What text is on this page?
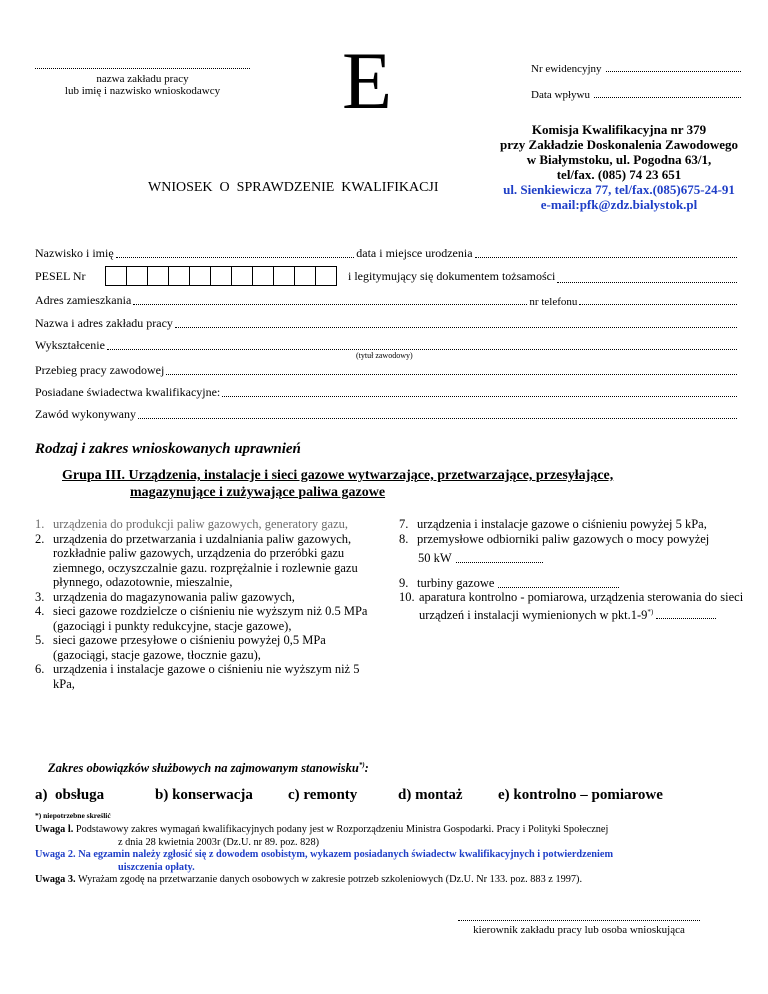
nazwa zakładu pracy
lub imię i nazwisko wnioskodawcy	E	Nr ewidencyjny
Data wpływu
Komisja Kwalifikacyjna nr 379
przy Zakładzie Doskonalenia Zawodowego
w Białymstoku, ul. Pogodna 63/1,
tel/fax. (085) 74 23 651
ul. Sienkiewicza 77, tel/fax.(085)675-24-91
e-mail:pfk@zdz.bialystok.pl
WNIOSEK  O  SPRAWDZENIE  KWALIFIKACJI
Nazwisko i imię	data i miejsce urodzenia
PESEL Nr	i legitymujący się dokumentem tożsamości
Adres zamieszkania	nr telefonu
Nazwa i adres zakładu pracy
Wykształcenie
(tytuł zawodowy)
Przebieg pracy zawodowej
Posiadane świadectwa kwalifikacyjne:
Zawód wykonywany
Rodzaj i zakres wnioskowanych uprawnień
Grupa III. Urządzenia, instalacje i sieci gazowe wytwarzające, przetwarzające, przesyłające,
magazynujące i zużywające paliwa gazowe
1. urządzenia do produkcji paliw gazowych, generatory gazu,
2. urządzenia do przetwarzania i uzdalniania paliw gazowych, rozkładnie paliw gazowych, urządzenia do przeróbki gazu ziemnego, oczyszczalnie gazu. rozprężalnie i rozlewnie gazu płynnego, odazotownie, mieszalnie,
3. urządzenia do magazynowania paliw gazowych,
4. sieci gazowe rozdzielcze o ciśnieniu nie wyższym niż 0.5 MPa (gazociągi i punkty redukcyjne, stacje gazowe),
5. sieci gazowe przesyłowe o ciśnieniu powyżej 0,5 MPa (gazociągi, stacje gazowe, tłocznie gazu),
6. urządzenia i instalacje gazowe o ciśnieniu nie wyższym niż 5 kPa,
7. urządzenia i instalacje gazowe o ciśnieniu powyżej 5 kPa,
8. przemysłowe odbiorniki paliw gazowych o mocy powyżej
50 kW
9. turbiny gazowe
10. aparatura kontrolno - pomiarowa, urządzenia sterowania do sieci urządzeń i instalacji wymienionych w pkt.1-9*)
Zakres obowiązków służbowych na zajmowanym stanowisku*):
a)  obsługa	b) konserwacja c) remonty	d) montaż e) kontrolno – pomiarowe
*) niepotrzebne skreślić
Uwaga l. Podstawowy zakres wymagań kwalifikacyjnych podany jest w Rozporządzeniu Ministra Gospodarki. Pracy i Polityki Społecznej
z dnia 28 kwietnia 2003r (Dz.U. nr 89. poz. 828)
Uwaga 2. Na egzamin należy zgłosić się z dowodem osobistym, wykazem posiadanych świadectw kwalifikacyjnych i potwierdzeniem
uiszczenia opłaty.
Uwaga 3. Wyrażam zgodę na przetwarzanie danych osobowych w zakresie potrzeb szkoleniowych (Dz.U. Nr 133. poz. 883 z 1997).
kierownik zakładu pracy lub osoba wnioskująca
